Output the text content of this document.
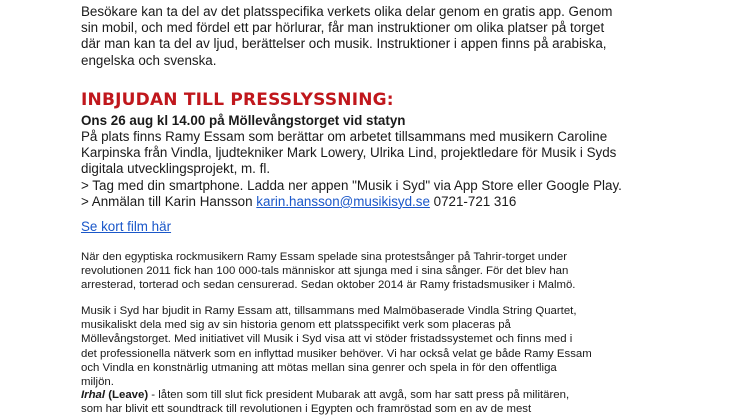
Besökare kan ta del av det platsspecifika verkets olika delar genom en gratis app. Genom

sin mobil, och med fördel ett par hörlurar, får man instruktioner om olika platser på torget

där man kan ta del av ljud, berättelser och musik. Instruktioner i appen finns på arabiska,

engelska och svenska.

INBJUDAN TILL PRESSLYSSNING:

Ons 26 aug kl 14.00 på Möllevångstorget vid statyn

På plats finns Ramy Essam som berättar om arbetet tillsammans med musikern Caroline

Karpinska från Vindla, ljudtekniker Mark Lowery, Ulrika Lind, projektledare för Musik i Syds

digitala utvecklingsprojekt, m. fl.

> Tag med din smartphone. Ladda ner appen "Musik i Syd" via App Store eller Google Play.

> Anmälan till Karin Hansson karin.hansson@musikisyd.se 0721-721 316

Se kort film här

När den egyptiska rockmusikern Ramy Essam spelade sina protestsånger på Tahrir-torget under

revolutionen 2011 fick han 100 000-tals människor att sjunga med i sina sånger. För det blev han

arresterad, torterad och sedan censurerad. Sedan oktober 2014 är Ramy fristadsmusiker i Malmö.

Musik i Syd har bjudit in Ramy Essam att, tillsammans med Malmöbaserade Vindla String Quartet,

musikaliskt dela med sig av sin historia genom ett platsspecifikt verk som placeras på

Möllevångstorget. Med initiativet vill Musik i Syd visa att vi stöder fristadssystemet och finns med i

det professionella nätverk som en inflyttad musiker behöver. Vi har också velat ge både Ramy Essam

och Vindla en konstnärlig utmaning att mötas mellan sina genrer och spela in för den offentliga

miljön.

Irhal (Leave) - låten som till slut fick president Mubarak att avgå, som har satt press på militären,

som har blivit ett soundtrack till revolutionen i Egypten och framröstad som en av de mest
